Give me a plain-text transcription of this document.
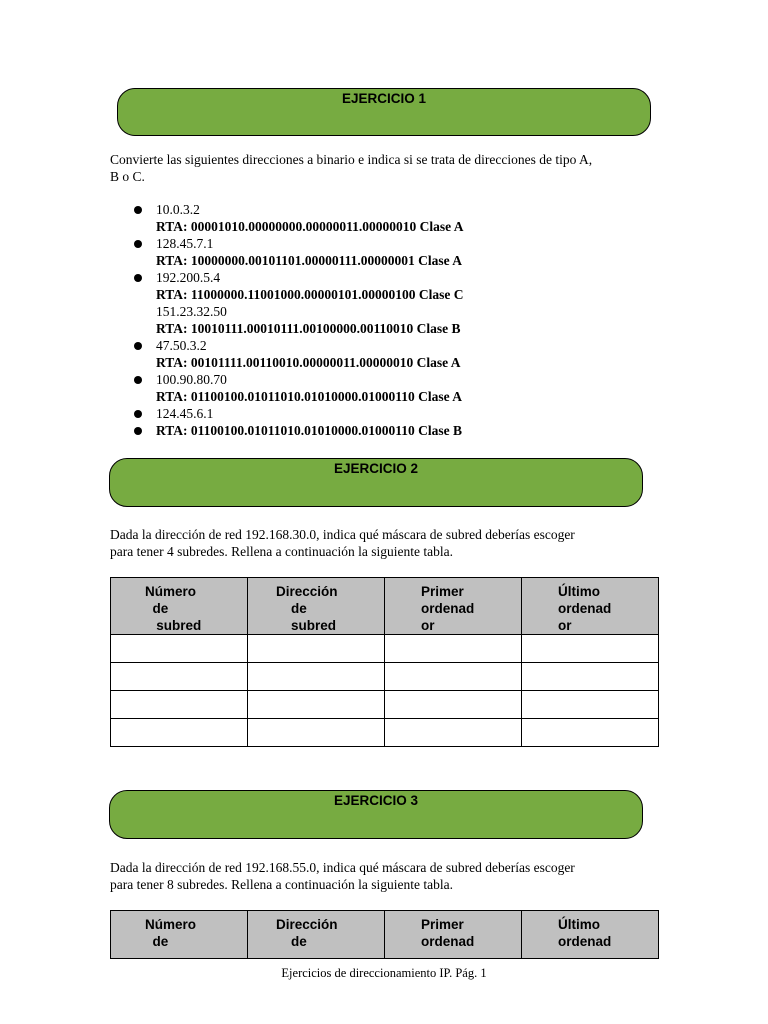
EJERCICIO 1

Convierte las siguientes direcciones a binario e indica si se trata de direcciones de tipo A,
B o C.

10.0.3.2
RTA: 00001010.00000000.00000011.00000010 Clase A
128.45.7.1
RTA: 10000000.00101101.00000111.00000001 Clase A
192.200.5.4
RTA: 11000000.11001000.00000101.00000100 Clase C
151.23.32.50
RTA: 10010111.00010111.00100000.00110010 Clase B
47.50.3.2
RTA: 00101111.00110010.00000011.00000010 Clase A
100.90.80.70
RTA: 01100100.01011010.01010000.01000110 Clase A
124.45.6.1
RTA: 01100100.01011010.01010000.01000110 Clase B
EJERCICIO 2

Dada la dirección de red 192.168.30.0, indica qué máscara de subred deberías escoger
para tener 4 subredes. Rellena a continuación la siguiente tabla.

Número
de
subred	Dirección
de
subred	Primer
ordenad
or	Último
ordenad
or

EJERCICIO 3

Dada la dirección de red 192.168.55.0, indica qué máscara de subred deberías escoger
para tener 8 subredes. Rellena a continuación la siguiente tabla.

Número
de

Dirección
de

Primer
ordenad

Último
ordenad
Ejercicios de direccionamiento IP. Pág. 1
